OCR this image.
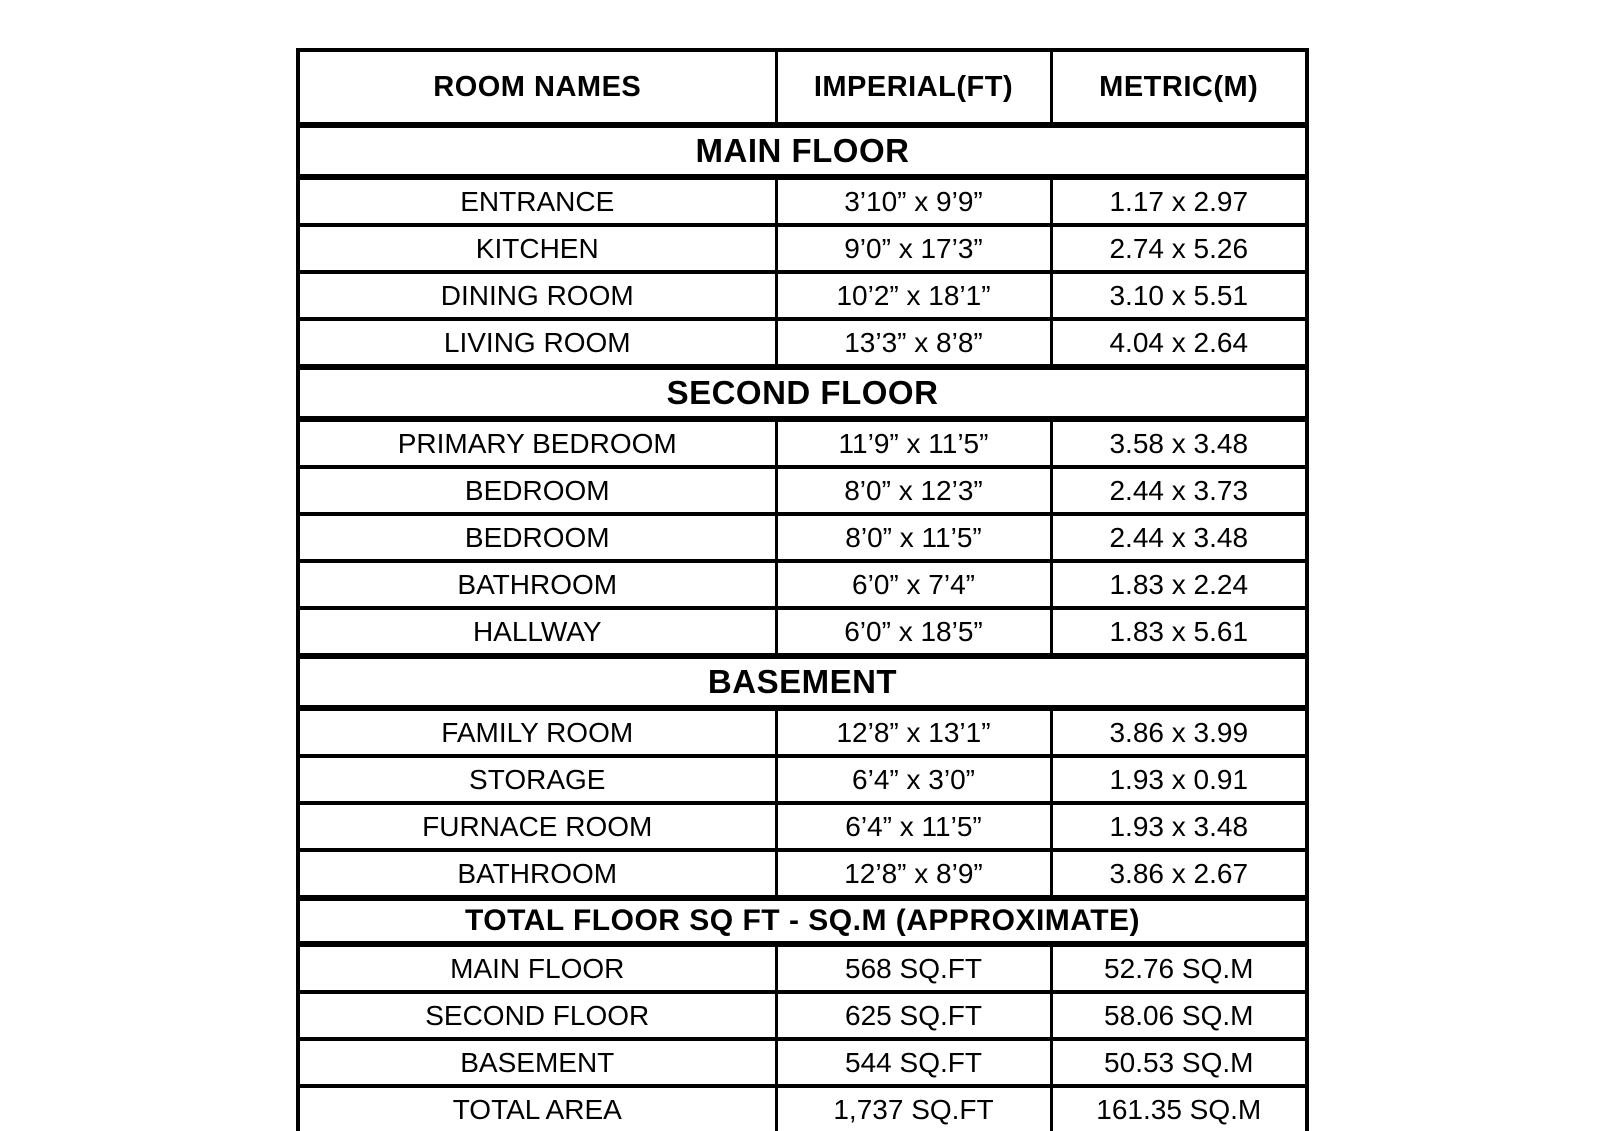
ROOM NAMES	IMPERIAL(FT)	METRIC(M)
MAIN FLOOR		
ENTRANCE	3’10” x 9’9”	1.17 x 2.97
KITCHEN	9’0” x 17’3”	2.74 x 5.26
DINING ROOM	10’2” x 18’1”	3.10 x 5.51
LIVING ROOM	13’3” x 8’8”	4.04 x 2.64
SECOND FLOOR		
PRIMARY BEDROOM	11’9” x 11’5”	3.58 x 3.48
BEDROOM	8’0” x 12’3”	2.44 x 3.73
BEDROOM	8’0” x 11’5”	2.44 x 3.48
BATHROOM	6’0” x 7’4”	1.83 x 2.24
HALLWAY	6’0” x 18’5”	1.83 x 5.61
BASEMENT		
FAMILY ROOM	12’8” x 13’1”	3.86 x 3.99
STORAGE	6’4” x 3’0”	1.93 x 0.91
FURNACE ROOM	6’4” x 11’5”	1.93 x 3.48
BATHROOM	12’8” x 8’9”	3.86 x 2.67
TOTAL FLOOR SQ FT - SQ.M (APPROXIMATE)		
MAIN FLOOR	568 SQ.FT	52.76 SQ.M
SECOND FLOOR	625 SQ.FT	58.06 SQ.M
BASEMENT	544 SQ.FT	50.53 SQ.M
TOTAL AREA	1,737 SQ.FT	161.35 SQ.M
